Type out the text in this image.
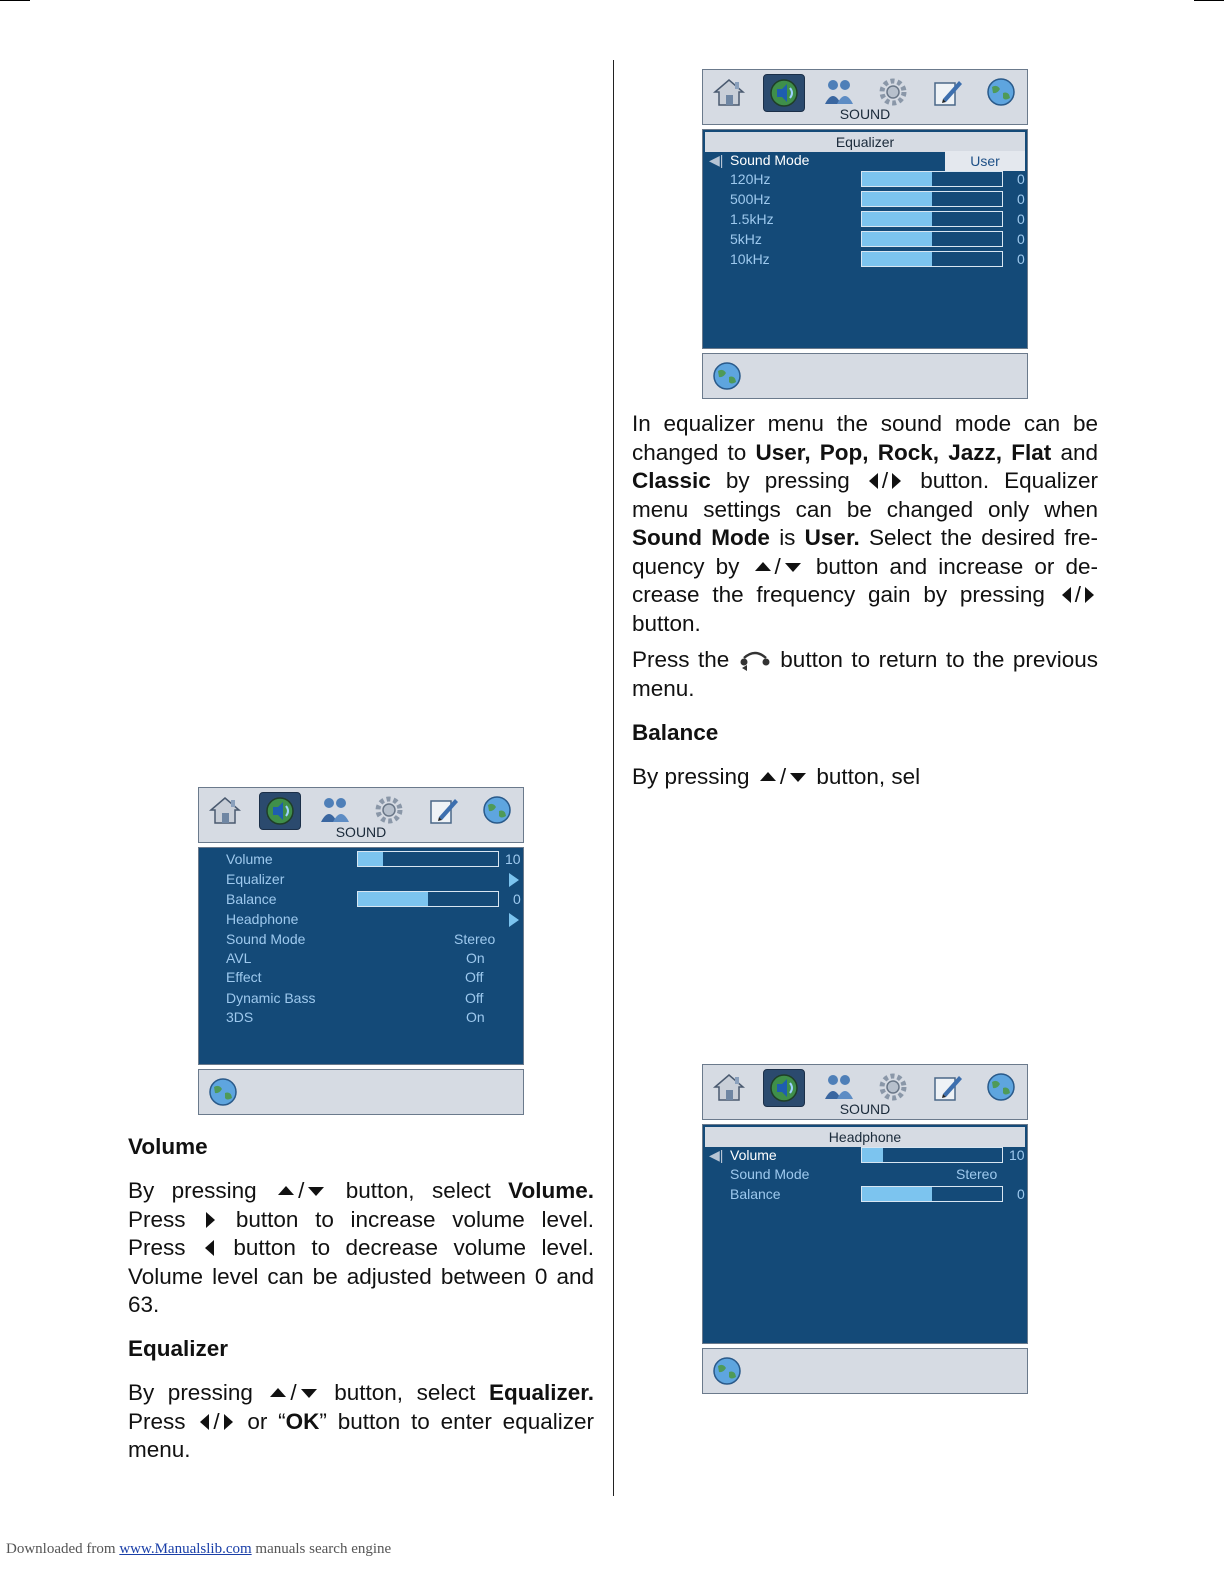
SOUND
Volume	10
Equalizer
Balance	0
Headphone
Sound Mode	Stereo
AVL	On
Effect	Off
Dynamic Bass	Off
3DS	On
SOUND
Equalizer
◀| Sound Mode	User
120Hz	0
500Hz	0
1.5kHz	0
5kHz	0
10kHz	0
SOUND
Headphone
◀| Volume	10
Sound Mode	Stereo
Balance	0
Volume

By pressing / button, select Volume. Press button to increase volume level. Press button to decrease volume level. Volume level can be adjusted between 0 and 63.

Equalizer

By pressing / button, select Equalizer. Press / or “OK” button to enter equalizer menu.

In equalizer menu the sound mode can be changed to User, Pop, Rock, Jazz, Flat and Classic by pressing / button. Equalizer menu settings can be changed only when Sound Mode is User. Select the desired fre-quency by / button and increase or de-crease the frequency gain by pressing / button.

Press the button to return to the previous menu.

Balance

By pressing / button, sel

Downloaded from www.Manualslib.com manuals search engine
